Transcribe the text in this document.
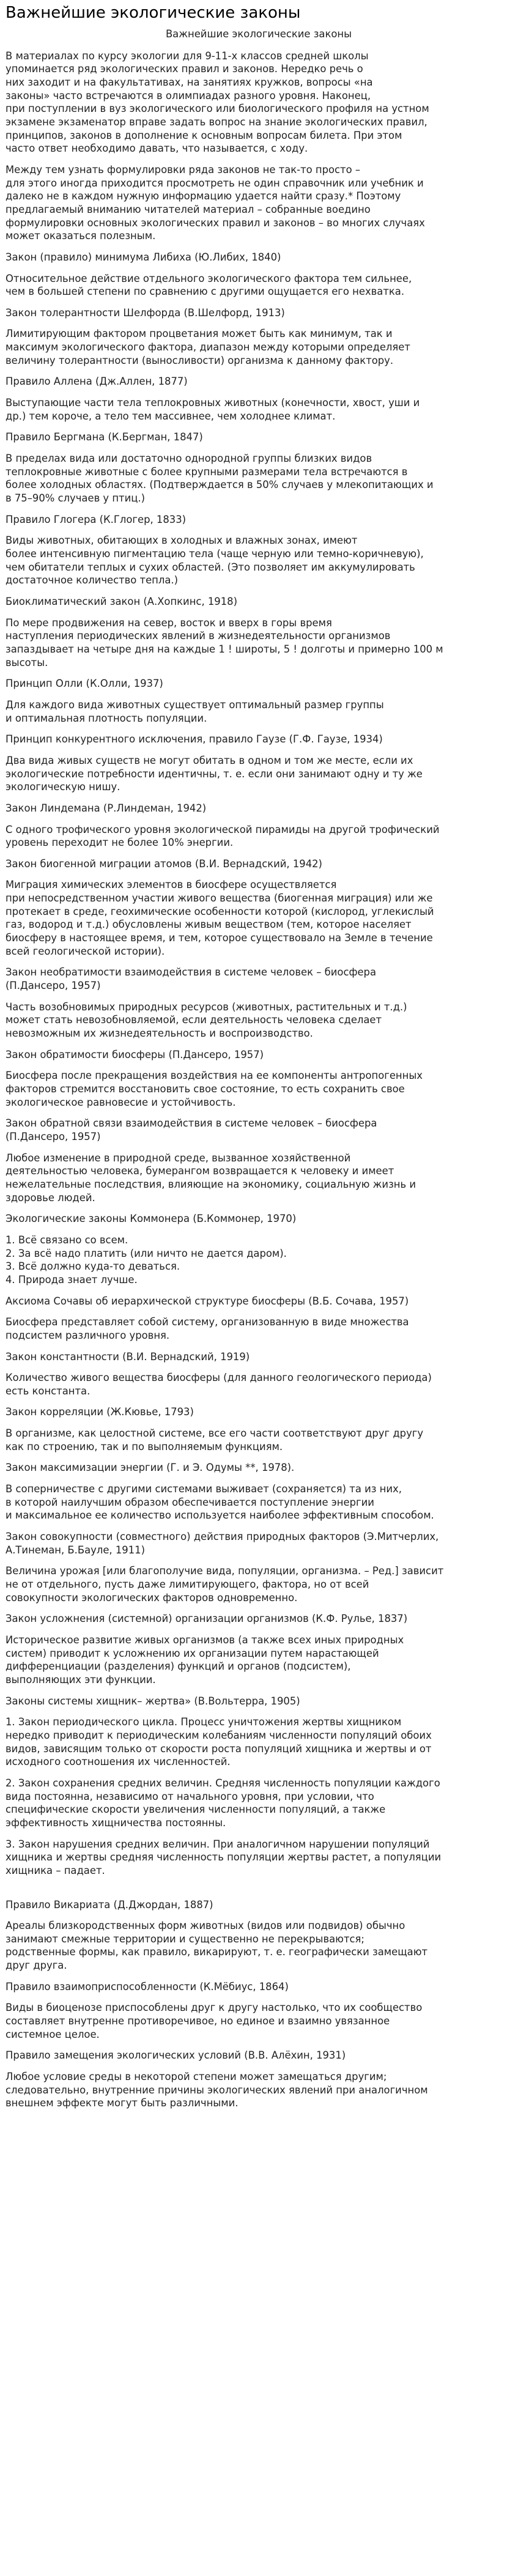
Важнейшие экологические законы
Важнейшие экологические законы
В материалах по курсу экологии для 9-11-х классов средней школы
упоминается ряд экологических правил и законов. Нередко речь о
них заходит и на факультативах, на занятиях кружков, вопросы «на
законы» часто встречаются в олимпиадах разного уровня. Наконец,
при поступлении в вуз экологического или биологического профиля на устном
экзамене экзаменатор вправе задать вопрос на знание экологических правил,
принципов, законов в дополнение к основным вопросам билета. При этом
часто ответ необходимо давать, что называется, с ходу.
Между тем узнать формулировки ряда законов не так-то просто –
для этого иногда приходится просмотреть не один справочник или учебник и
далеко не в каждом нужную информацию удается найти сразу.* Поэтому
предлагаемый вниманию читателей материал – собранные воедино
формулировки основных экологических правил и законов – во многих случаях
может оказаться полезным.
Закон (правило) минимума Либиха (Ю.Либих, 1840)
Относительное действие отдельного экологического фактора тем сильнее,
чем в большей степени по сравнению с другими ощущается его нехватка.
Закон толерантности Шелфорда (В.Шелфорд, 1913)
Лимитирующим фактором процветания может быть как минимум, так и
максимум экологического фактора, диапазон между которыми определяет
величину толерантности (выносливости) организма к данному фактору.
Правило Аллена (Дж.Аллен, 1877)
Выступающие части тела теплокровных животных (конечности, хвост, уши и
др.) тем короче, а тело тем массивнее, чем холоднее климат.
Правило Бергмана (К.Бергман, 1847)
В пределах вида или достаточно однородной группы близких видов
теплокровные животные с более крупными размерами тела встречаются в
более холодных областях. (Подтверждается в 50% случаев у млекопитающих и
в 75–90% случаев у птиц.)
Правило Глогера (К.Глогер, 1833)
Виды животных, обитающих в холодных и влажных зонах, имеют
более интенсивную пигментацию тела (чаще черную или темно-коричневую),
чем обитатели теплых и сухих областей. (Это позволяет им аккумулировать
достаточное количество тепла.)
Биоклиматический закон (А.Хопкинс, 1918)
По мере продвижения на север, восток и вверх в горы время
наступления периодических явлений в жизнедеятельности организмов
запаздывает на четыре дня на каждые 1 ! широты, 5 ! долготы и примерно 100 м
высоты.
Принцип Олли (К.Олли, 1937)
Для каждого вида животных существует оптимальный размер группы
и оптимальная плотность популяции.
Принцип конкурентного исключения, правило Гаузе (Г.Ф. Гаузе, 1934)
Два вида живых существ не могут обитать в одном и том же месте, если их
экологические потребности идентичны, т. е. если они занимают одну и ту же
экологическую нишу.
Закон Линдемана (Р.Линдеман, 1942)
С одного трофического уровня экологической пирамиды на другой трофический
уровень переходит не более 10% энергии.
Закон биогенной миграции атомов (В.И. Вернадский, 1942)
Миграция химических элементов в биосфере осуществляется
при непосредственном участии живого вещества (биогенная миграция) или же
протекает в среде, геохимические особенности которой (кислород, углекислый
газ, водород и т.д.) обусловлены живым веществом (тем, которое населяет
биосферу в настоящее время, и тем, которое существовало на Земле в течение
всей геологической истории).
Закон необратимости взаимодействия в системе человек – биосфера
(П.Дансеро, 1957)
Часть возобновимых природных ресурсов (животных, растительных и т.д.)
может стать невозобновляемой, если деятельность человека сделает
невозможным их жизнедеятельность и воспроизводство.
Закон обратимости биосферы (П.Дансеро, 1957)
Биосфера после прекращения воздействия на ее компоненты антропогенных
факторов стремится восстановить свое состояние, то есть сохранить свое
экологическое равновесие и устойчивость.
Закон обратной связи взаимодействия в системе человек – биосфера
(П.Дансеро, 1957)
Любое изменение в природной среде, вызванное хозяйственной
деятельностью человека, бумерангом возвращается к человеку и имеет
нежелательные последствия, влияющие на экономику, социальную жизнь и
здоровье людей.
Экологические законы Коммонера (Б.Коммонер, 1970)
1. Всё связано со всем.
2. За всё надо платить (или ничто не дается даром).
3. Всё должно куда-то деваться.
4. Природа знает лучше.
Аксиома Сочавы об иерархической структуре биосферы (В.Б. Сочава, 1957)
Биосфера представляет собой систему, организованную в виде множества
подсистем различного уровня.
Закон константности (В.И. Вернадский, 1919)
Количество живого вещества биосферы (для данного геологического периода)
есть константа.
Закон корреляции (Ж.Кювье, 1793)
В организме, как целостной системе, все его части соответствуют друг другу
как по строению, так и по выполняемым функциям.
Закон максимизации энергии (Г. и Э. Одумы **, 1978).
В соперничестве с другими системами выживает (сохраняется) та из них,
в которой наилучшим образом обеспечивается поступление энергии
и максимальное ее количество используется наиболее эффективным способом.
Закон совокупности (совместного) действия природных факторов (Э.Митчерлих,
А.Тинеман, Б.Бауле, 1911)
Величина урожая [или благополучие вида, популяции, организма. – Ред.] зависит
не от отдельного, пусть даже лимитирующего, фактора, но от всей
совокупности экологических факторов одновременно.
Закон усложнения (системной) организации организмов (К.Ф. Рулье, 1837)
Историческое развитие живых организмов (а также всех иных природных
систем) приводит к усложнению их организации путем нарастающей
дифференциации (разделения) функций и органов (подсистем),
выполняющих эти функции.
Законы системы хищник– жертва» (В.Вольтерра, 1905)
1. Закон периодического цикла. Процесс уничтожения жертвы хищником
нередко приводит к периодическим колебаниям численности популяций обоих
видов, зависящим только от скорости роста популяций хищника и жертвы и от
исходного соотношения их численностей.
2. Закон сохранения средних величин. Средняя численность популяции каждого
вида постоянна, независимо от начального уровня, при условии, что
специфические скорости увеличения численности популяций, а также
эффективность хищничества постоянны.
3. Закон нарушения средних величин. При аналогичном нарушении популяций
хищника и жертвы средняя численность популяции жертвы растет, а популяции
хищника – падает.
Правило Викариата (Д.Джордан, 1887)
Ареалы близкородственных форм животных (видов или подвидов) обычно
занимают смежные территории и существенно не перекрываются;
родственные формы, как правило, викарируют, т. е. географически замещают
друг друга.
Правило взаимоприспособленности (К.Мёбиус, 1864)
Виды в биоценозе приспособлены друг к другу настолько, что их сообщество
составляет внутренне противоречивое, но единое и взаимно увязанное
системное целое.
Правило замещения экологических условий (В.В. Алёхин, 1931)
Любое условие среды в некоторой степени может замещаться другим;
следовательно, внутренние причины экологических явлений при аналогичном
внешнем эффекте могут быть различными.
